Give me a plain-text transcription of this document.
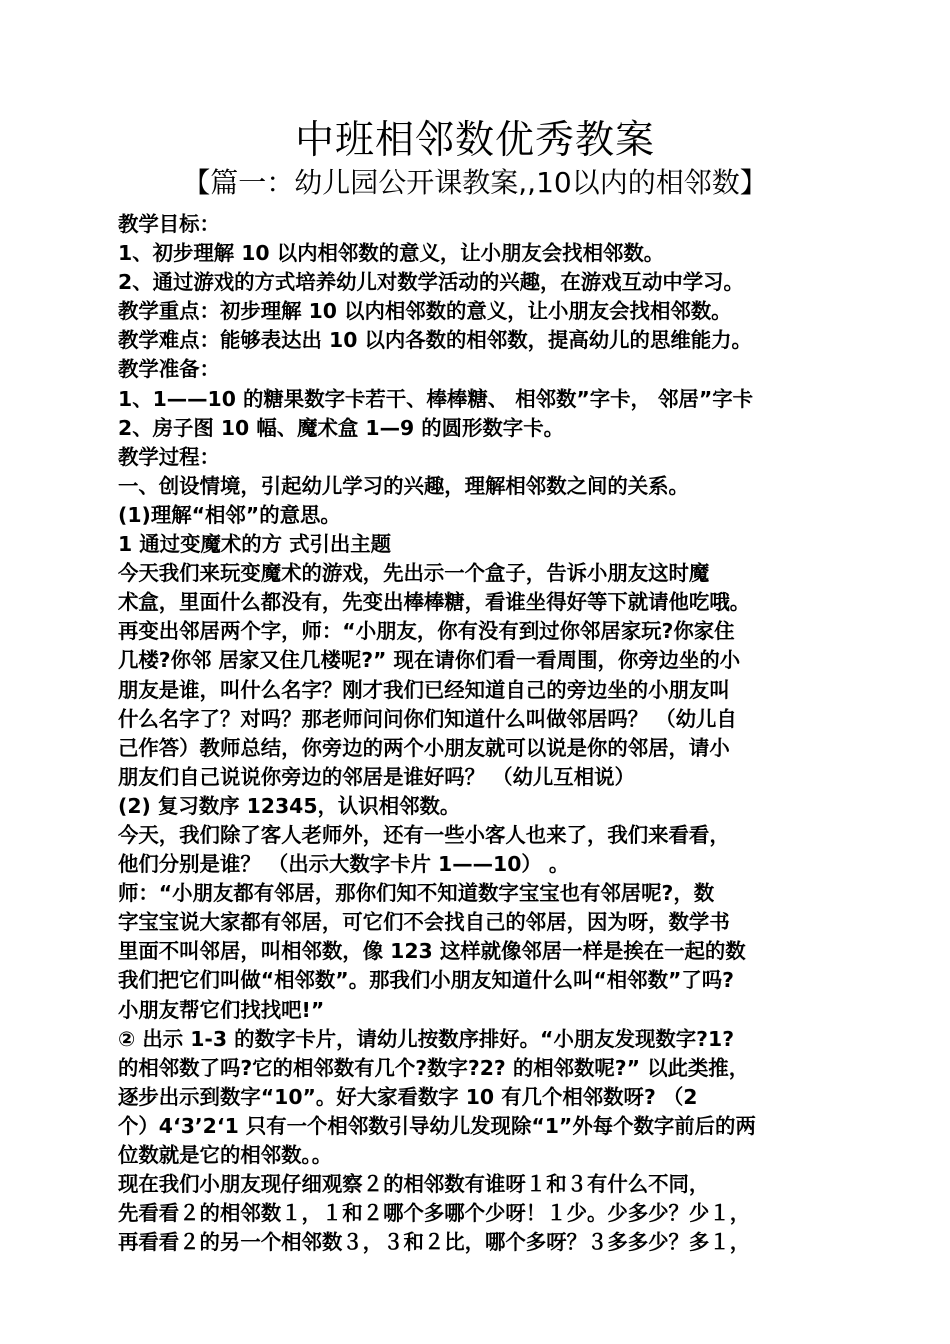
中班相邻数优秀教案
【篇一：幼儿园公开课教案,,10以内的相邻数】
教学目标：
1、初步理解 10 以内相邻数的意义，让小朋友会找相邻数。
2、通过游戏的方式培养幼儿对数学活动的兴趣，在游戏互动中学习。
教学重点：初步理解 10 以内相邻数的意义，让小朋友会找相邻数。
教学难点：能够表达出 10 以内各数的相邻数，提高幼儿的思维能力。
教学准备：
1、1——10 的糖果数字卡若干、棒棒糖、 相邻数”字卡， 邻居”字卡
2、房子图 10 幅、魔术盒 1—9 的圆形数字卡。
教学过程：
一、创设情境，引起幼儿学习的兴趣，理解相邻数之间的关系。
(1)理解“相邻”的意思。
1 通过变魔术的方 式引出主题
今天我们来玩变魔术的游戏，先出示一个盒子，告诉小朋友这时魔
术盒，里面什么都没有，先变出棒棒糖，看谁坐得好等下就请他吃哦。
再变出邻居两个字，师：“小朋友，你有没有到过你邻居家玩?你家住
几楼?你邻 居家又住几楼呢?” 现在请你们看一看周围，你旁边坐的小
朋友是谁，叫什么名字？刚才我们已经知道自己的旁边坐的小朋友叫
什么名字了？对吗？那老师问问你们知道什么叫做邻居吗？ （幼儿自
己作答）教师总结，你旁边的两个小朋友就可以说是你的邻居，请小
朋友们自己说说你旁边的邻居是谁好吗？ （幼儿互相说）
(2) 复习数序 12345，认识相邻数。
今天，我们除了客人老师外，还有一些小客人也来了，我们来看看，
他们分别是谁？ （出示大数字卡片 1——10） 。
师：“小朋友都有邻居，那你们知不知道数字宝宝也有邻居呢?，数
字宝宝说大家都有邻居，可它们不会找自己的邻居，因为呀，数学书
里面不叫邻居，叫相邻数，像 123 这样就像邻居一样是挨在一起的数
我们把它们叫做“相邻数”。那我们小朋友知道什么叫“相邻数”了吗?
小朋友帮它们找找吧!”
② 出示 1-3 的数字卡片，请幼儿按数序排好。“小朋友发现数字?1?
的相邻数了吗?它的相邻数有几个?数字?2? 的相邻数呢?” 以此类推，
逐步出示到数字“10”。好大家看数字 10 有几个相邻数呀? （2
个）4‘3’2‘1 只有一个相邻数引导幼儿发现除“1”外每个数字前后的两
位数就是它的相邻数。。
现在我们小朋友现仔细观察２的相邻数有谁呀１和３有什么不同，
先看看２的相邻数１，１和２哪个多哪个少呀！１少。少多少？少１，
再看看２的另一个相邻数３，３和２比，哪个多呀？３多多少？多１，
